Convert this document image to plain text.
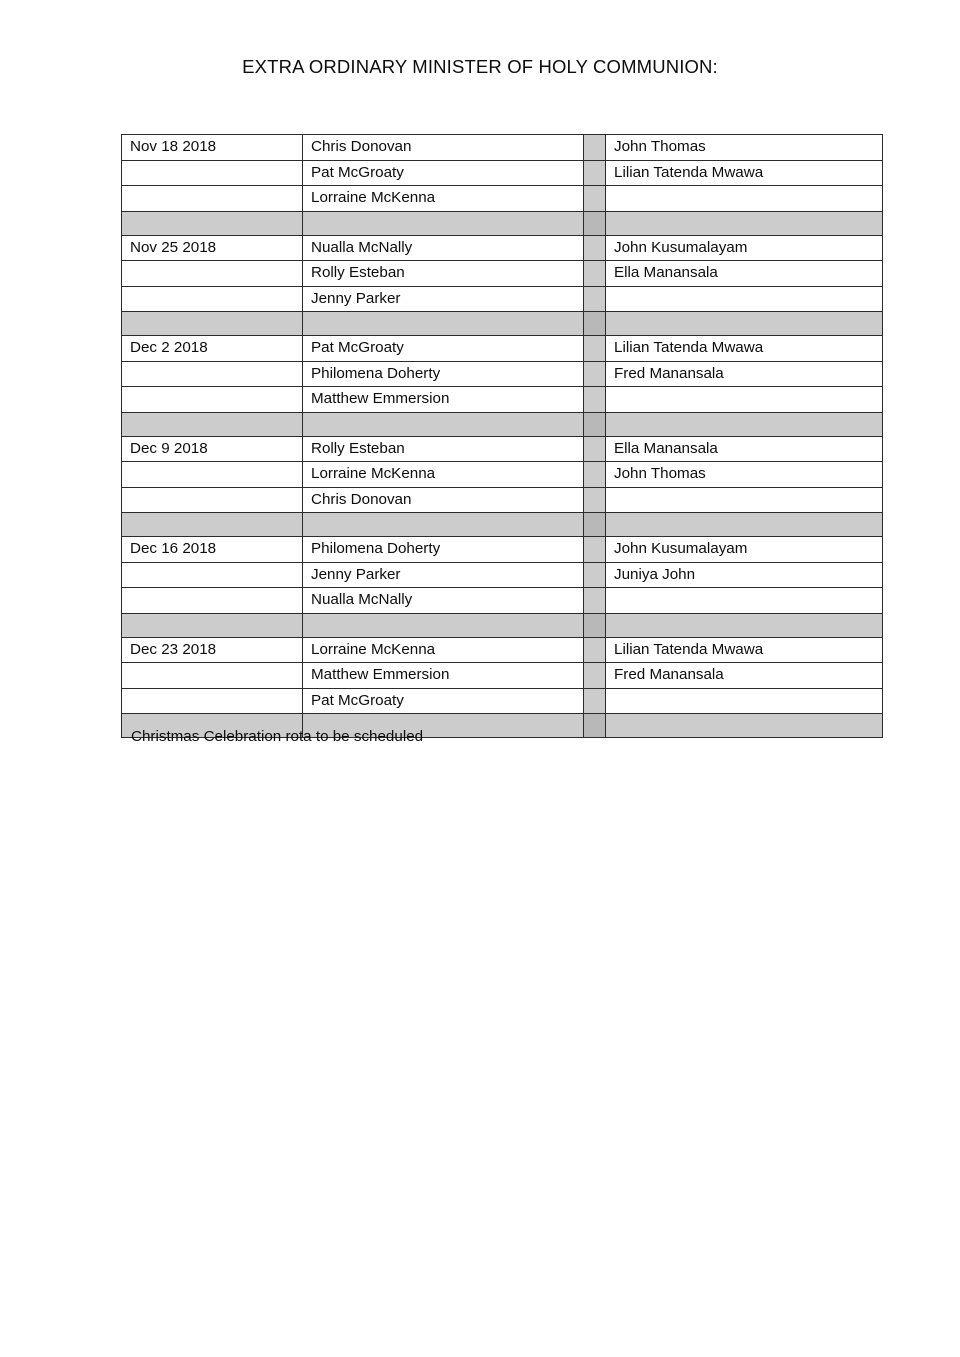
EXTRA ORDINARY MINISTER OF HOLY COMMUNION:
Nov 18 2018	Chris Donovan		John Thomas
	Pat McGroaty		Lilian Tatenda Mwawa
	Lorraine McKenna		

Nov 25 2018	Nualla McNally		John Kusumalayam
	Rolly Esteban		Ella Manansala
	Jenny Parker		

Dec 2 2018	Pat McGroaty		Lilian Tatenda Mwawa
	Philomena Doherty		Fred Manansala
	Matthew Emmersion		

Dec 9 2018	Rolly Esteban		Ella Manansala
	Lorraine McKenna		John Thomas
	Chris Donovan		

Dec 16 2018	Philomena Doherty		John Kusumalayam
	Jenny Parker		Juniya John
	Nualla McNally		

Dec 23 2018	Lorraine McKenna		Lilian Tatenda Mwawa
	Matthew Emmersion		Fred Manansala
	Pat McGroaty		

Christmas Celebration rota to be scheduled
